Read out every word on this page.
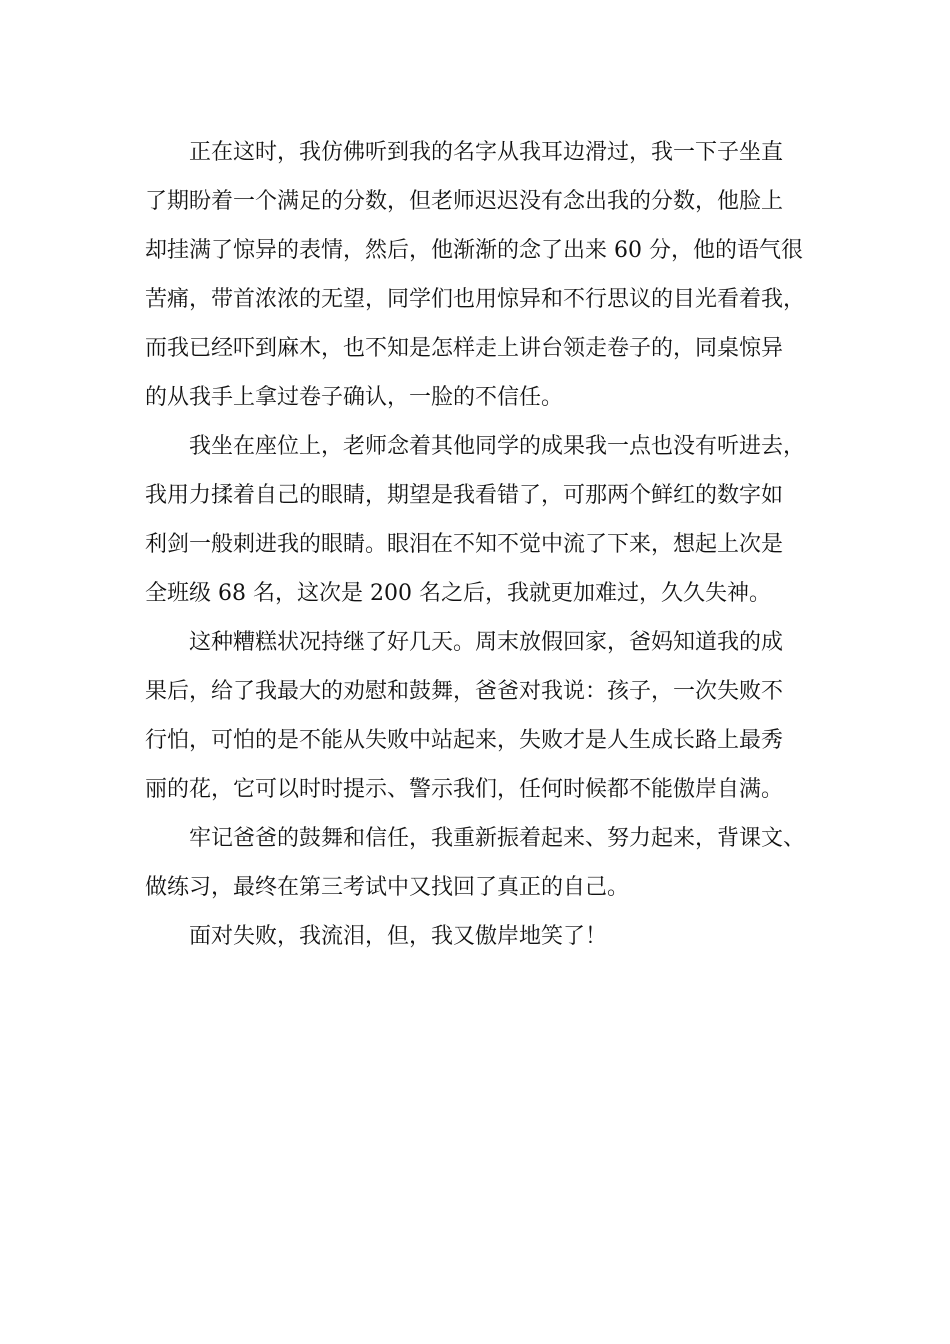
正在这时，我仿佛听到我的名字从我耳边滑过，我一下子坐直
了期盼着一个满足的分数，但老师迟迟没有念出我的分数，他脸上
却挂满了惊异的表情，然后，他渐渐的念了出来 60 分，他的语气很
苦痛，带首浓浓的无望，同学们也用惊异和不行思议的目光看着我，
而我已经吓到麻木，也不知是怎样走上讲台领走卷子的，同桌惊异
的从我手上拿过卷子确认，一脸的不信任。

我坐在座位上，老师念着其他同学的成果我一点也没有听进去，
我用力揉着自己的眼睛，期望是我看错了，可那两个鲜红的数字如
利剑一般刺进我的眼睛。眼泪在不知不觉中流了下来，想起上次是
全班级 68 名，这次是 200 名之后，我就更加难过，久久失神。

这种糟糕状况持继了好几天。周末放假回家，爸妈知道我的成
果后，给了我最大的劝慰和鼓舞，爸爸对我说：孩子，一次失败不
行怕，可怕的是不能从失败中站起来，失败才是人生成长路上最秀
丽的花，它可以时时提示、警示我们，任何时候都不能傲岸自满。

牢记爸爸的鼓舞和信任，我重新振着起来、努力起来，背课文、
做练习，最终在第三考试中又找回了真正的自己。

面对失败，我流泪，但，我又傲岸地笑了！
